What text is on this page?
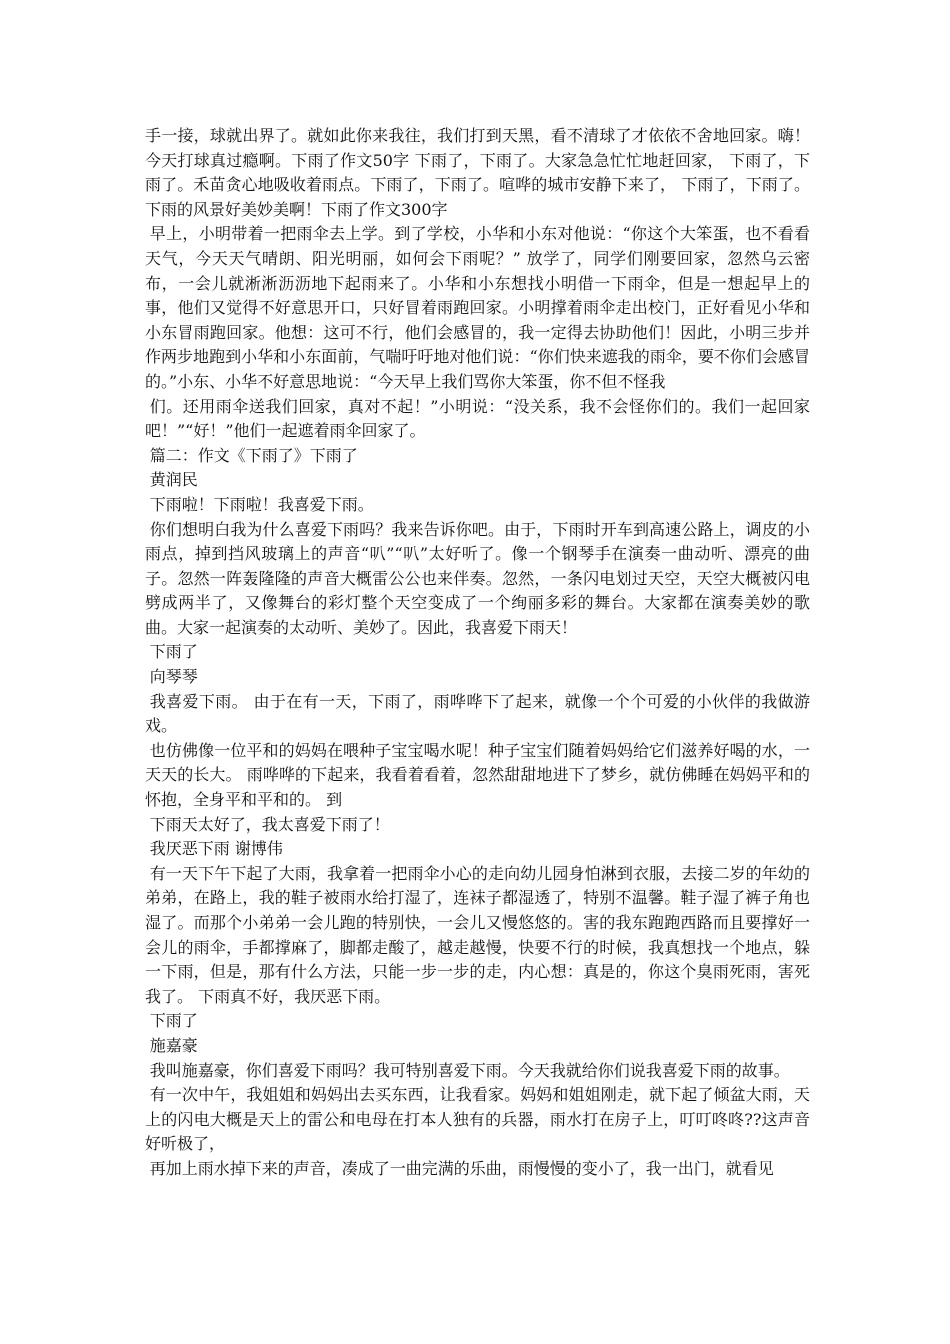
手一接，球就出界了。就如此你来我往，我们打到天黑，看不清球了才依依不舍地回家。嗨！今天打球真过瘾啊。下雨了作文50字 下雨了，下雨了。大家急急忙忙地赶回家， 下雨了，下雨了。禾苗贪心地吸收着雨点。下雨了，下雨了。喧哗的城市安静下来了， 下雨了，下雨了。下雨的风景好美妙美啊！下雨了作文300字

早上，小明带着一把雨伞去上学。到了学校，小华和小东对他说：“你这个大笨蛋，也不看看天气，今天天气晴朗、阳光明丽，如何会下雨呢？” 放学了，同学们刚要回家，忽然乌云密布，一会儿就淅淅沥沥地下起雨来了。小华和小东想找小明借一下雨伞，但是一想起早上的事，他们又觉得不好意思开口，只好冒着雨跑回家。小明撑着雨伞走出校门，正好看见小华和小东冒雨跑回家。他想：这可不行，他们会感冒的，我一定得去协助他们！因此，小明三步并作两步地跑到小华和小东面前，气喘吁吁地对他们说：“你们快来遮我的雨伞，要不你们会感冒的。”小东、小华不好意思地说：“今天早上我们骂你大笨蛋，你不但不怪我

们。还用雨伞送我们回家，真对不起！”小明说：“没关系，我不会怪你们的。我们一起回家吧！”“好！”他们一起遮着雨伞回家了。

篇二：作文《下雨了》下雨了

黄润民

下雨啦！下雨啦！我喜爱下雨。

你们想明白我为什么喜爱下雨吗？我来告诉你吧。由于，下雨时开车到高速公路上，调皮的小雨点，掉到挡风玻璃上的声音“叭”“叭”太好听了。像一个钢琴手在演奏一曲动听、漂亮的曲子。忽然一阵轰隆隆的声音大概雷公公也来伴奏。忽然，一条闪电划过天空，天空大概被闪电劈成两半了，又像舞台的彩灯整个天空变成了一个绚丽多彩的舞台。大家都在演奏美妙的歌曲。大家一起演奏的太动听、美妙了。因此，我喜爱下雨天！

下雨了

向琴琴

我喜爱下雨。 由于在有一天，下雨了，雨哗哗下了起来，就像一个个可爱的小伙伴的我做游戏。

也仿佛像一位平和的妈妈在喂种子宝宝喝水呢！种子宝宝们随着妈妈给它们滋养好喝的水，一天天的长大。 雨哗哗的下起来，我看着看着，忽然甜甜地进下了梦乡，就仿佛睡在妈妈平和的怀抱，全身平和平和的。 到

下雨天太好了，我太喜爱下雨了！

我厌恶下雨 谢博伟

有一天下午下起了大雨，我拿着一把雨伞小心的走向幼儿园身怕淋到衣服，去接二岁的年幼的弟弟，在路上，我的鞋子被雨水给打湿了，连袜子都湿透了，特别不温馨。鞋子湿了裤子角也湿了。而那个小弟弟一会儿跑的特别快，一会儿又慢悠悠的。害的我东跑跑西路而且要撑好一会儿的雨伞，手都撑麻了，脚都走酸了，越走越慢，快要不行的时候，我真想找一个地点，躲一下雨，但是，那有什么方法，只能一步一步的走，内心想：真是的，你这个臭雨死雨，害死我了。 下雨真不好，我厌恶下雨。

下雨了

施嘉豪

我叫施嘉豪，你们喜爱下雨吗？我可特别喜爱下雨。今天我就给你们说我喜爱下雨的故事。

有一次中午，我姐姐和妈妈出去买东西，让我看家。妈妈和姐姐刚走，就下起了倾盆大雨，天上的闪电大概是天上的雷公和电母在打本人独有的兵器，雨水打在房子上，叮叮咚咚??这声音好听极了，

再加上雨水掉下来的声音，凑成了一曲完满的乐曲，雨慢慢的变小了，我一出门，就看见
